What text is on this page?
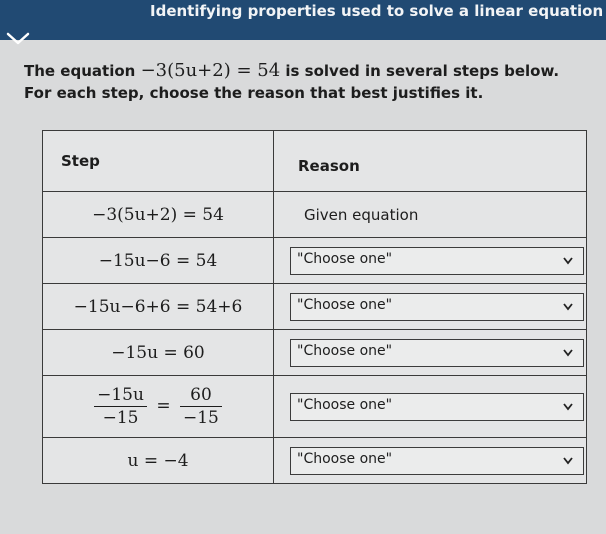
Identifying properties used to solve a linear equation
The equation −3(5u+2) = 54 is solved in several steps below.
For each step, choose the reason that best justifies it.
Step	Reason
−3(5u+2) = 54	Given equation
−15u−6 = 54	"Choose one"

−15u−6+6 = 54+6	"Choose one"

−15u = 60	"Choose one"

$\frac{-15u}{-15} = \frac{60}{-15}$	"Choose one"

u = −4	"Choose one"
